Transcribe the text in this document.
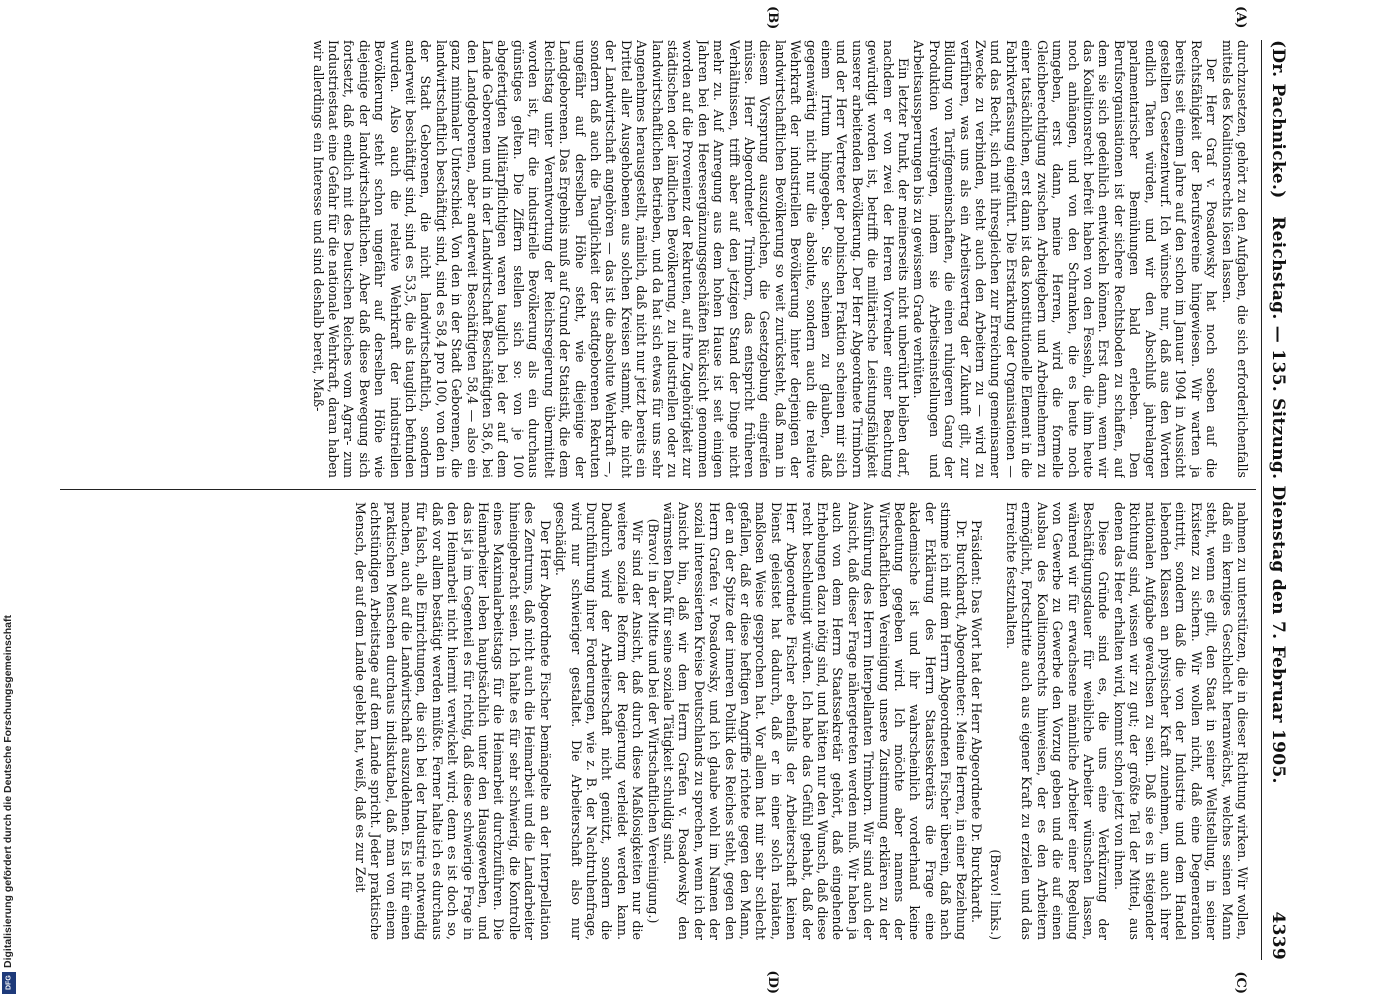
(Dr. Pachnicke.)
Reichstag. — 135. Sitzung. Dienstag den 7. Februar 1905.
4339
(A)
(B)
(C)
(D)

durchzusetzen, gehört zu den Aufgaben, die sich erforderlichenfalls mittels des Koalitionsrechts lösen lassen.

Der Herr Graf v. Posadowsky hat noch soeben auf die Rechtsfähigkeit der Berufsvereine hingewiesen. Wir warten ja bereits seit einem Jahre auf den schon im Januar 1904 in Aussicht gestellten Gesetzentwurf. Ich wünsche nur, daß aus den Worten endlich Taten würden, und wir den Abschluß jahrelanger parlamentarischer Bemühungen bald erleben. Den Berufsorganisationen ist der sichere Rechtsboden zu schaffen, auf dem sie sich gedeihlich entwickeln können. Erst dann, wenn wir das Koalitionsrecht befreit haben von den Fesseln, die ihm heute noch anhängen, und von den Schranken, die es heute noch umgeben, erst dann, meine Herren, wird die formelle Gleichberechtigung zwischen Arbeitgebern und Arbeitnehmern zu einer tatsächlichen, erst dann ist das konstitutionelle Element in die Fabrikverfassung eingeführt. Die Erstarkung der Organisationen — und das Recht, sich mit ihresgleichen zur Erreichung gemeinsamer Zwecke zu verbinden, steht auch den Arbeitern zu — wird zu verführen, was uns als ein Arbeitsvertrag der Zukunft gilt, zur Bildung von Tarifgemeinschaften, die einen ruhigeren Gang der Produktion verbürgen, indem sie Arbeitseinstellungen und Arbeitsaussperrungen bis zu gewissem Grade verhüten.

Ein letzter Punkt, der meinerseits nicht unberührt bleiben darf, nachdem er von zwei der Herren Vorredner einer Beachtung gewürdigt worden ist, betrifft die militärische Leistungsfähigkeit unserer arbeitenden Bevölkerung. Der Herr Abgeordnete Trimborn und der Herr Vertreter der polnischen Fraktion scheinen mir sich einem Irrtum hingegeben. Sie scheinen zu glauben, daß gegenwärtig nicht nur die absolute, sondern auch die relative Wehrkraft der industriellen Bevölkerung hinter derjenigen der landwirtschaftlichen Bevölkerung so weit zurücksteht, daß man in diesem Vorsprung auszugleichen, die Gesetzgebung eingreifen müsse. Herr Abgeordneter Trimborn, das entspricht früheren Verhältnissen, trifft aber auf den jetzigen Stand der Dinge nicht mehr zu. Auf Anregung aus dem hohen Hause ist seit einigen Jahren bei den Heeresergänzungsgeschäften Rücksicht genommen worden auf die Provenienz der Rekruten, auf ihre Zugehörigkeit zur städtischen oder ländlichen Bevölkerung, zu industriellen oder zu landwirtschaftlichen Betrieben, und da hat sich etwas für uns sehr Angenehmes herausgestellt, nämlich, daß nicht nur jetzt bereits ein Drittel aller Ausgehobenen aus solchen Kreisen stammt, die nicht der Landwirtschaft angehören — das ist die absolute Wehrkraft —, sondern daß auch die Tauglichkeit der stadtgeborenen Rekruten ungefähr auf derselben Höhe steht, wie diejenige der Landgeborenen. Das Ergebnis muß auf Grund der Statistik, die dem Reichstag unter Verantwortung der Reichsregierung übermittelt worden ist, für die industrielle Bevölkerung als ein durchaus günstiges gelten. Die Ziffern stellen sich so: von je 100 abgefertigten Militärpflichtigen waren tauglich bei der auf dem Lande Geborenen und in der Landwirtschaft Beschäftigten 58,6, bei den Landgeborenen, aber anderweit Beschäftigten 58,4 — also ein ganz minimaler Unterschied. Von den in der Stadt Geborenen, die landwirtschaftlich beschäftigt sind, sind es 58,4 pro 100, von den in der Stadt Geborenen, die nicht landwirtschaftlich, sondern anderweit beschäftigt sind, sind es 53,5, die als tauglich befunden wurden. Also auch die relative Wehrkraft der industriellen Bevölkerung steht schon ungefähr auf derselben Höhe wie diejenige der landwirtschaftlichen. Aber daß diese Bewegung sich fortsetzt, daß endlich mit des Deutschen Reiches vom Agrar- zum Industriestaat eine Gefahr für die nationale Wehrkraft, daran haben wir allerdings ein Interesse und sind deshalb bereit, Maß-

nahmen zu unterstützen, die in dieser Richtung wirken. Wir wollen, daß ein kerniges Geschlecht heranwächst, welches seinen Mann steht, wenn es gilt, den Staat in seiner Weltstellung, in seiner Existenz zu sichern. Wir wollen nicht, daß eine Degeneration eintritt, sondern daß die von der Industrie und dem Handel lebenden Klassen an physischer Kraft zunehmen, um auch ihrer nationalen Aufgabe gewachsen zu sein. Daß sie es in steigender Richtung sind, wissen wir zu gut; der größte Teil der Mittel, aus denen das Heer erhalten wird, kommt schon jetzt von ihnen.

Diese Gründe sind es, die uns eine Verkürzung der Beschäftigungsdauer für weibliche Arbeiter wünschen lassen, während wir für erwachsene männliche Arbeiter einer Regelung von Gewerbe zu Gewerbe den Vorzug geben und die auf einen Ausbau des Koalitionsrechts hinweisen, der es den Arbeitern ermöglicht, Fortschritte auch aus eigener Kraft zu erzielen und das Erreichte festzuhalten.

(Bravo! links.)

Präsident: Das Wort hat der Herr Abgeordnete Dr. Burckhardt.

Dr. Burckhardt, Abgeordneter: Meine Herren, in einer Beziehung stimme ich mit dem Herrn Abgeordneten Fischer überein, daß nach der Erklärung des Herrn Staatssekretärs die Frage eine akademische ist und ihr wahrscheinlich vorderhand keine Bedeutung gegeben wird. Ich möchte aber namens der Wirtschaftlichen Vereinigung unsere Zustimmung erklären zu der Ausführung des Herrn Interpellanten Trimborn. Wir sind auch der Ansicht, daß dieser Frage nähergetreten werden muß. Wir haben ja auch von dem Herrn Staatssekretär gehört, daß eingehende Erhebungen dazu nötig sind, und hätten nur den Wunsch, daß diese recht beschleunigt würden. Ich habe das Gefühl gehabt, daß der Herr Abgeordnete Fischer ebenfalls der Arbeiterschaft keinen Dienst geleistet hat dadurch, daß er in einer solch rabiaten, maßlosen Weise gesprochen hat. Vor allem hat mir sehr schlecht gefallen, daß er diese heftigen Angriffe richtete gegen den Mann, der an der Spitze der inneren Politik des Reiches steht, gegen den Herrn Grafen v. Posadowsky, und ich glaube wohl im Namen der sozial interessierten Kreise Deutschlands zu sprechen, wenn ich der Ansicht bin, daß wir dem Herrn Grafen v. Posadowsky den wärmsten Dank für seine soziale Tätigkeit schuldig sind.

(Bravo! in der Mitte und bei der Wirtschaftlichen Vereinigung.)

Wir sind der Ansicht, daß durch diese Maßlosigkeiten nur die weitere soziale Reform der Regierung verleidet werden kann. Dadurch wird der Arbeiterschaft nicht genützt, sondern die Durchführung ihrer Forderungen, wie z. B. der Nachtruhenfrage, wird nur schwieriger gestaltet. Die Arbeiterschaft also nur geschädigt.

Der Herr Abgeordnete Fischer bemängelte an der Interpellation des Zentrums, daß nicht auch die Heimarbeit und die Landarbeiter hineingebracht seien. Ich halte es für sehr schwierig, die Kontrolle eines Maximalarbeitstags für die Heimarbeit durchzuführen. Die Heimarbeiter leben hauptsächlich unter den Hausgewerben, und das ist ja im Gegenteil es für richtig, daß diese schwierige Frage in den Heimarbeit nicht hiermit verwickelt wird; denn es ist doch so, daß vor allem bestätigt werden müßte. Ferner halte ich es durchaus für falsch, alle Einrichtungen, die sich bei der Industrie notwendig machen, auch auf die Landwirtschaft auszudehnen. Es ist für einen praktischen Menschen durchaus indiskutabel, daß man von einem achtstündigen Arbeitstage auf dem Lande spricht. Jeder praktische Mensch, der auf dem Lande gelebt hat, weiß, daß es zur Zeit

DFG
Digitalisierung gefördert durch die Deutsche Forschungsgemeinschaft
